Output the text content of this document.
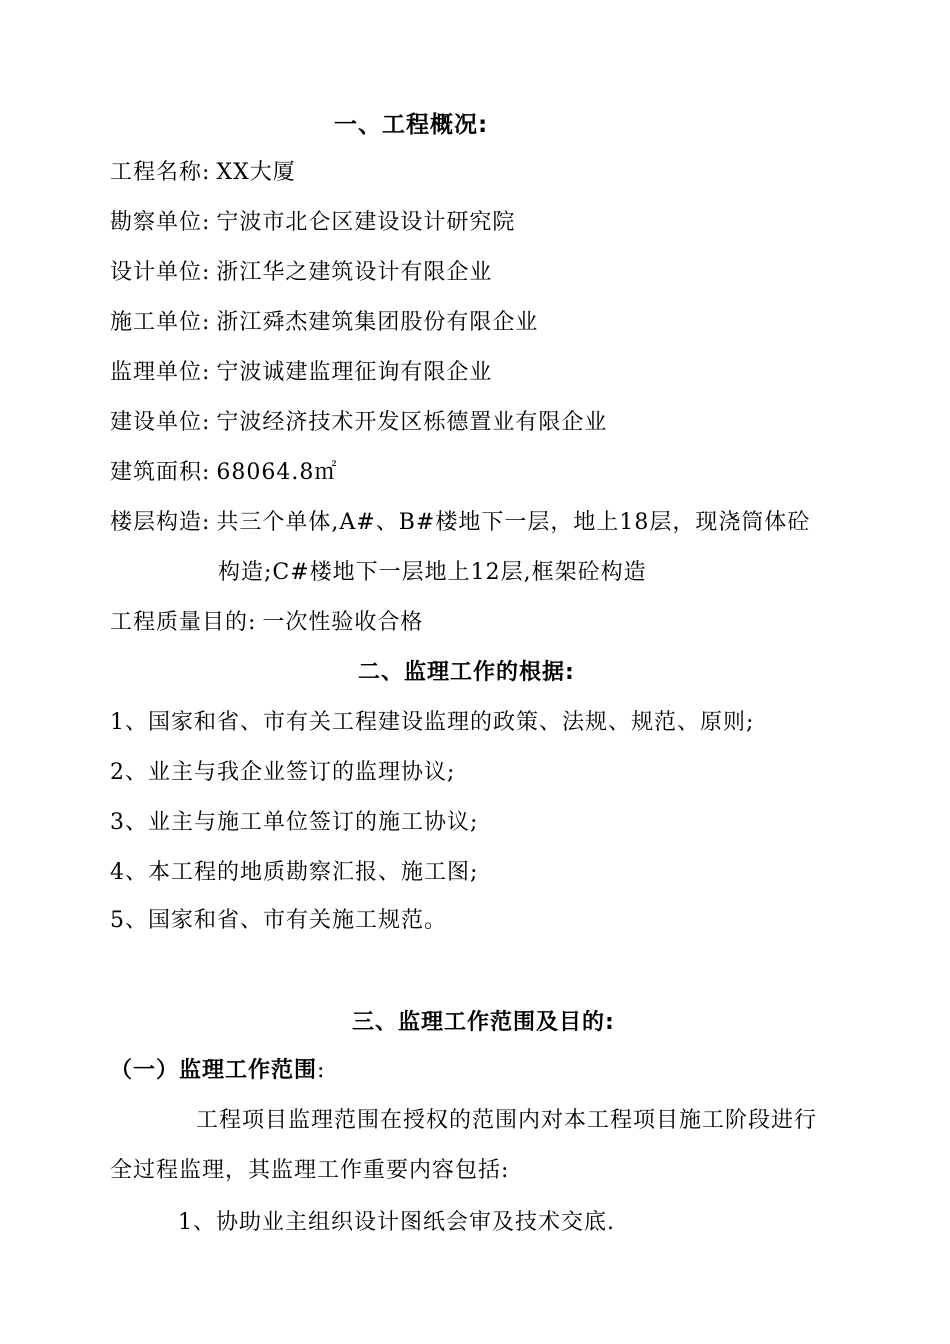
一、工程概况:
工程名称: XX大厦
勘察单位: 宁波市北仑区建设设计研究院
设计单位: 浙江华之建筑设计有限企业
施工单位: 浙江舜杰建筑集团股份有限企业
监理单位: 宁波诚建监理征询有限企业
建设单位: 宁波经济技术开发区栎德置业有限企业
建筑面积: 68064.8㎡
楼层构造: 共三个单体,A#、B#楼地下一层，地上18层，现浇筒体砼
构造;C#楼地下一层地上12层,框架砼构造
工程质量目的: 一次性验收合格
二、监理工作的根据:
1、国家和省、市有关工程建设监理的政策、法规、规范、原则;
2、业主与我企业签订的监理协议;
3、业主与施工单位签订的施工协议;
4、本工程的地质勘察汇报、施工图;
5、国家和省、市有关施工规范。
三、监理工作范围及目的:
（一）监理工作范围:
工程项目监理范围在授权的范围内对本工程项目施工阶段进行
全过程监理，其监理工作重要内容包括:
1、协助业主组织设计图纸会审及技术交底.
